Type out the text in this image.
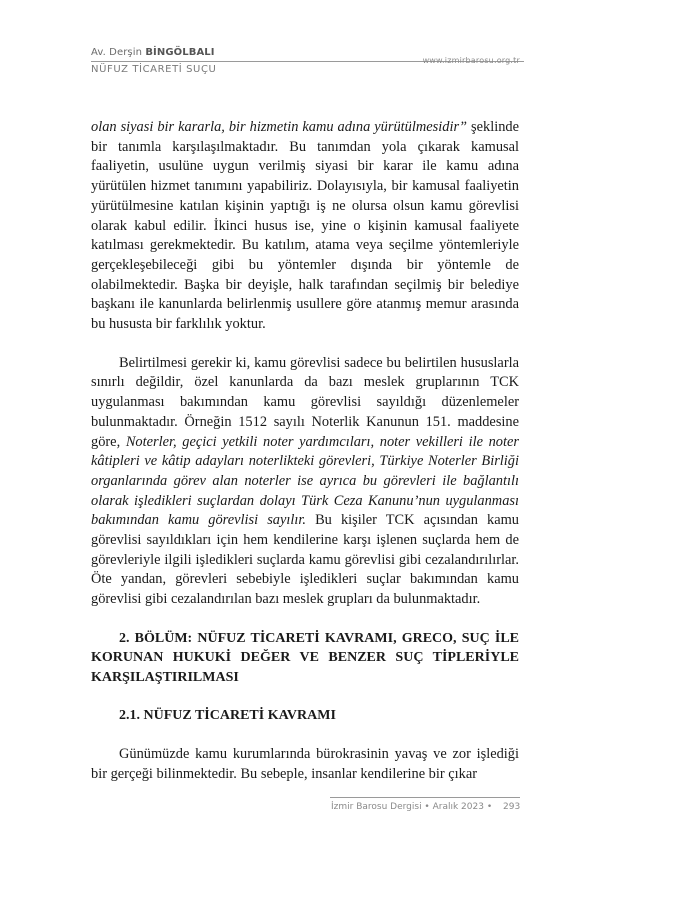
Av. Derşin BİNGÖLBALI
NÜFUZ TİCARETİ SUÇU
www.izmirbarosu.org.tr

olan siyasi bir kararla, bir hizmetin kamu adına yürütülmesidir” şeklinde bir tanımla karşılaşılmaktadır. Bu tanımdan yola çıkarak kamusal faaliyetin, usulüne uygun verilmiş siyasi bir karar ile kamu adına yürütülen hizmet tanımını yapabiliriz. Dolayısıyla, bir kamusal faaliyetin yürütülmesine katılan kişinin yaptığı iş ne olursa olsun kamu görevlisi olarak kabul edilir. İkinci husus ise, yine o kişinin kamusal faaliyete katılması gerekmektedir. Bu katılım, atama veya seçilme yöntemleriyle gerçekleşebileceği gibi bu yöntemler dışında bir yöntemle de olabilmektedir. Başka bir deyişle, halk tarafından seçilmiş bir belediye başkanı ile kanunlarda belirlenmiş usullere göre atanmış memur arasında bu hususta bir farklılık yoktur.

Belirtilmesi gerekir ki, kamu görevlisi sadece bu belirtilen hususlarla sınırlı değildir, özel kanunlarda da bazı meslek gruplarının TCK uygulanması bakımından kamu görevlisi sayıldığı düzenlemeler bulunmaktadır. Örneğin 1512 sayılı Noterlik Kanunun 151. maddesine göre, Noterler, geçici yetkili noter yardımcıları, noter vekilleri ile noter kâtipleri ve kâtip adayları noterlikteki görevleri, Türkiye Noterler Birliği organlarında görev alan noterler ise ayrıca bu görevleri ile bağlantılı olarak işledikleri suçlardan dolayı Türk Ceza Kanunu’nun uygulanması bakımından kamu görevlisi sayılır. Bu kişiler TCK açısından kamu görevlisi sayıldıkları için hem kendilerine karşı işlenen suçlarda hem de görevleriyle ilgili işledikleri suçlarda kamu görevlisi gibi cezalandırılırlar. Öte yandan, görevleri sebebiyle işledikleri suçlar bakımından kamu görevlisi gibi cezalandırılan bazı meslek grupları da bulunmaktadır.

2. BÖLÜM: NÜFUZ TİCARETİ KAVRAMI, GRECO, SUÇ İLE KORUNAN HUKUKİ DEĞER VE BENZER SUÇ TİPLERİYLE KARŞILAŞTIRILMASI

2.1. NÜFUZ TİCARETİ KAVRAMI

Günümüzde kamu kurumlarında bürokrasinin yavaş ve zor işlediği bir gerçeği bilinmektedir. Bu sebeple, insanlar kendilerine bir çıkar

İzmir Barosu Dergisi • Aralık 2023 • 293
